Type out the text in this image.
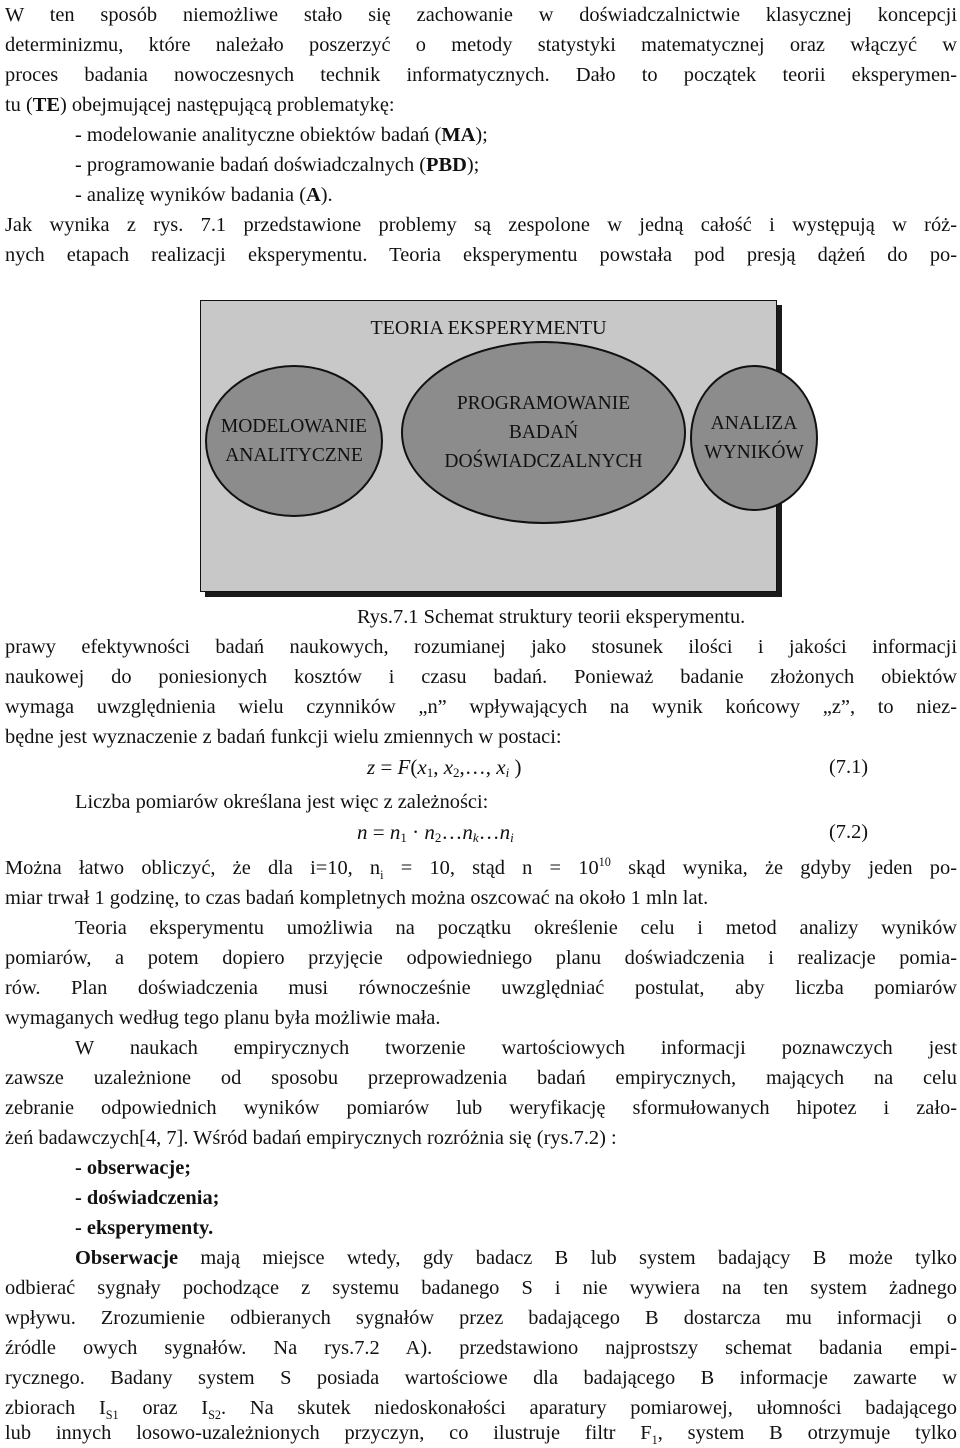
W ten sposób niemożliwe stało się zachowanie w doświadczalnictwie klasycznej koncepcji
determinizmu, które należało poszerzyć o metody statystyki matematycznej oraz włączyć w
proces badania nowoczesnych technik informatycznych. Dało to początek teorii eksperymen-
tu (TE) obejmującej następującą problematykę:
- modelowanie analityczne obiektów badań (MA);
- programowanie badań doświadczalnych (PBD);
- analizę wyników badania (A).
Jak wynika z rys. 7.1 przedstawione problemy są zespolone w jedną całość i występują w róż-
nych etapach realizacji eksperymentu. Teoria eksperymentu powstała pod presją dążeń do po-
TEORIA EKSPERYMENTU
MODELOWANIE
ANALITYCZNE
ANALIZA
WYNIKÓW
PROGRAMOWANIE
BADAŃ
DOŚWIADCZALNYCH
Rys.7.1 Schemat struktury teorii eksperymentu.
prawy efektywności badań naukowych, rozumianej jako stosunek ilości i jakości informacji
naukowej do poniesionych kosztów i czasu badań. Ponieważ badanie złożonych obiektów
wymaga uwzględnienia wielu czynników „n” wpływających na wynik końcowy „z”, to niez-
będne jest wyznaczenie z badań funkcji wielu zmiennych w postaci:
z = F(x1, x2,…, xi )	(7.1)
Liczba pomiarów określana jest więc z zależności:
n = n1 · n2…nk…ni	(7.2)
Można łatwo obliczyć, że dla i=10, $n_i = 10$, stąd $n = 10^{10}$ skąd wynika, że gdyby jeden po-
miar trwał 1 godzinę, to czas badań kompletnych można oszcować na około 1 mln lat.
Teoria eksperymentu umożliwia na początku określenie celu i metod analizy wyników
pomiarów, a potem dopiero przyjęcie odpowiedniego planu doświadczenia i realizacje pomia-
rów. Plan doświadczenia musi równocześnie uwzględniać postulat, aby liczba pomiarów
wymaganych według tego planu była możliwie mała.
W naukach empirycznych tworzenie wartościowych informacji poznawczych jest
zawsze uzależnione od sposobu przeprowadzenia badań empirycznych, mających na celu
zebranie odpowiednich wyników pomiarów lub weryfikację sformułowanych hipotez i zało-
żeń badawczych[4, 7]. Wśród badań empirycznych rozróżnia się (rys.7.2) :
- obserwacje;
- doświadczenia;
- eksperymenty.
Obserwacje mają miejsce wtedy, gdy badacz B lub system badający B może tylko
odbierać sygnały pochodzące z systemu badanego S i nie wywiera na ten system żadnego
wpływu. Zrozumienie odbieranych sygnałów przez badającego B dostarcza mu informacji o
źródle owych sygnałów. Na rys.7.2 A). przedstawiono najprostszy schemat badania empi-
rycznego. Badany system S posiada wartościowe dla badającego B informacje zawarte w
zbiorach $I_{S1}$ oraz $I_{S2}$. Na skutek niedoskonałości aparatury pomiarowej, ułomności badającego
lub innych losowo-uzależnionych przyczyn, co ilustruje filtr $F_1$, system B otrzymuje tylko
